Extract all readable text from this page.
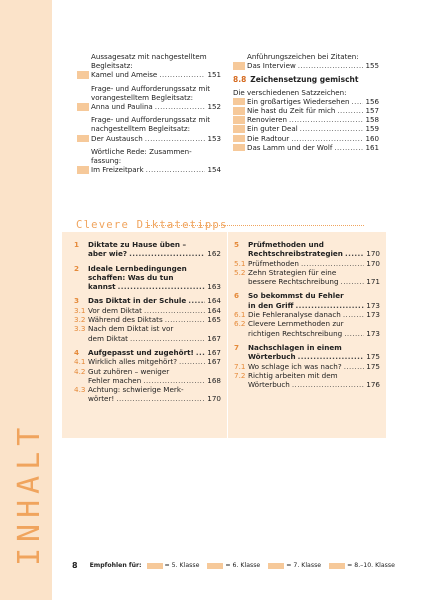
INHALT
Aussagesatz mit nachgestelltem
Begleitsatz:
Kamel und Ameise .....	151
Frage- und Aufforderungssatz mit
vorangestelltem Begleitsatz:
Anna und Paulina .....	152
Frage- und Aufforderungssatz mit
nachgestelltem Begleitsatz:
Der Austausch .....	153
Wörtliche Rede: Zusammen-
fassung:
Im Freizeitpark .....	154
Anführungszeichen bei Zitaten:
Das Interview .....	155
8.8 Zeichensetzung gemischt
Die verschiedenen Satzzeichen:
Ein großartiges Wiedersehen ..... 156
Nie hast du Zeit für mich .....	157
Renovieren .....	158
Ein guter Deal .....	159
Die Radtour .....	160
Das Lamm und der Wolf .....	161
Clevere Diktatetipps
1 Diktate zu Hause üben –
aber wie? .....	162
2 Ideale Lernbedingungen
schaffen: Was du tun
kannst .....	163
3 Das Diktat in der Schule .....	164
3.1 Vor dem Diktat .....	164
3.2 Während des Diktats .....	165
3.3 Nach dem Diktat ist vor
dem Diktat .....	167
4 Aufgepasst und zugehört! ..... 167
4.1 Wirklich alles mitgehört? .....	167
4.2 Gut zuhören – weniger
Fehler machen .....	168
4.3 Achtung: schwierige Merk-
wörter! .....	170
5 Prüfmethoden und
Rechtschreibstrategien .....	170
5.1 Prüfmethoden .....	170
5.2 Zehn Strategien für eine
bessere Rechtschreibung .....	171
6 So bekommst du Fehler
in den Griff .....	173
6.1 Die Fehleranalyse danach .....	173
6.2 Clevere Lernmethoden zur
richtigen Rechtschreibung .....	173
7 Nachschlagen in einem
Wörterbuch .....	175
7.1 Wo schlage ich was nach? .....	175
7.2 Richtig arbeiten mit dem
Wörterbuch .....	176
8 Empfohlen für:	= 5. Klasse	= 6. Klasse	= 7. Klasse	= 8.–10. Klasse
